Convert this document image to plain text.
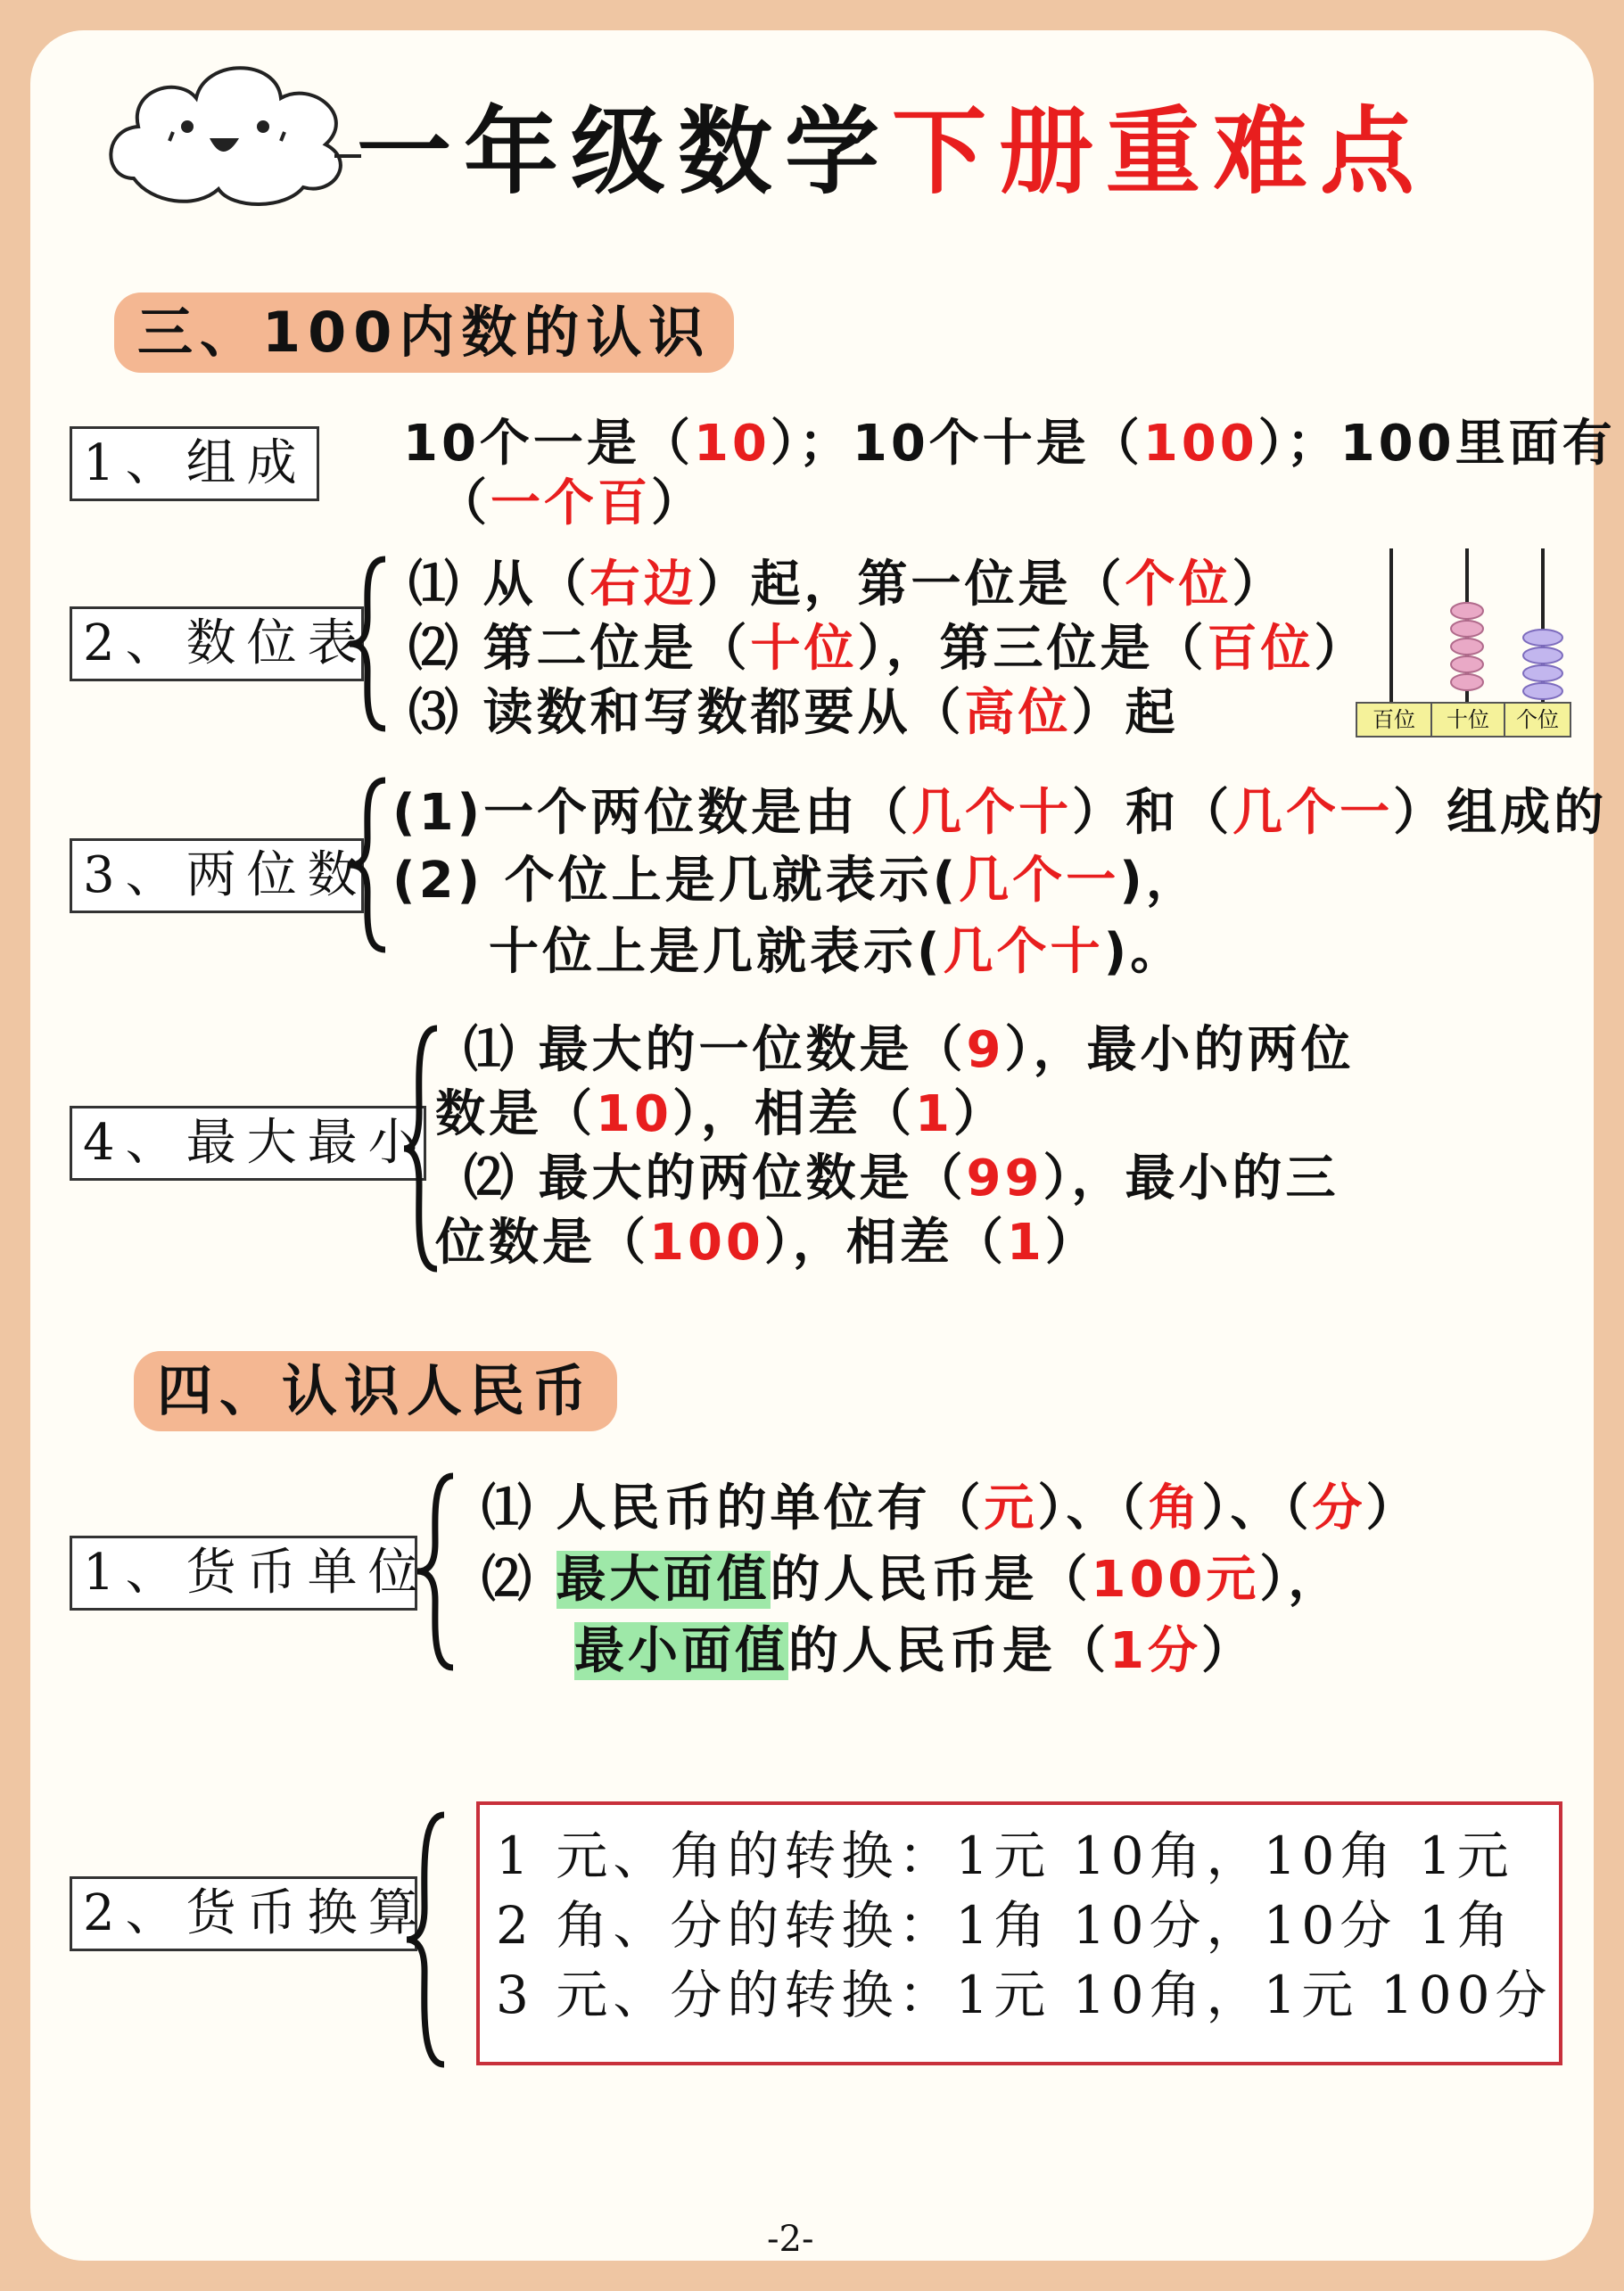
一年级数学下册重难点
三、100内数的认识
1、组成 10个一是（10）；10个十是（100）；100里面有
（一个百）
2、数位表
⑴ 从（右边）起，第一位是（个位）
⑵ 第二位是（十位），第三位是（百位）
⑶ 读数和写数都要从（高位）起	百位	十位	个位
3、两位数
(1)一个两位数是由（几个十）和（几个一）组成的
(2) 个位上是几就表示(几个一)，
十位上是几就表示(几个十)。
4、最大最小
⑴ 最大的一位数是（9），最小的两位
数是（10），相差（1）
⑵ 最大的两位数是（99），最小的三
位数是（100），相差（1）
四、认识人民币
1、货币单位
⑴ 人民币的单位有（元）、（角）、（分）
⑵ 最大面值的人民币是（100元），
最小面值的人民币是（1分）
2、货币换算
1 元、角的转换：1元 10角，10角 1元
2 角、分的转换：1角 10分，10分 1角
3 元、分的转换：1元 10角，1元 100分
-2-
